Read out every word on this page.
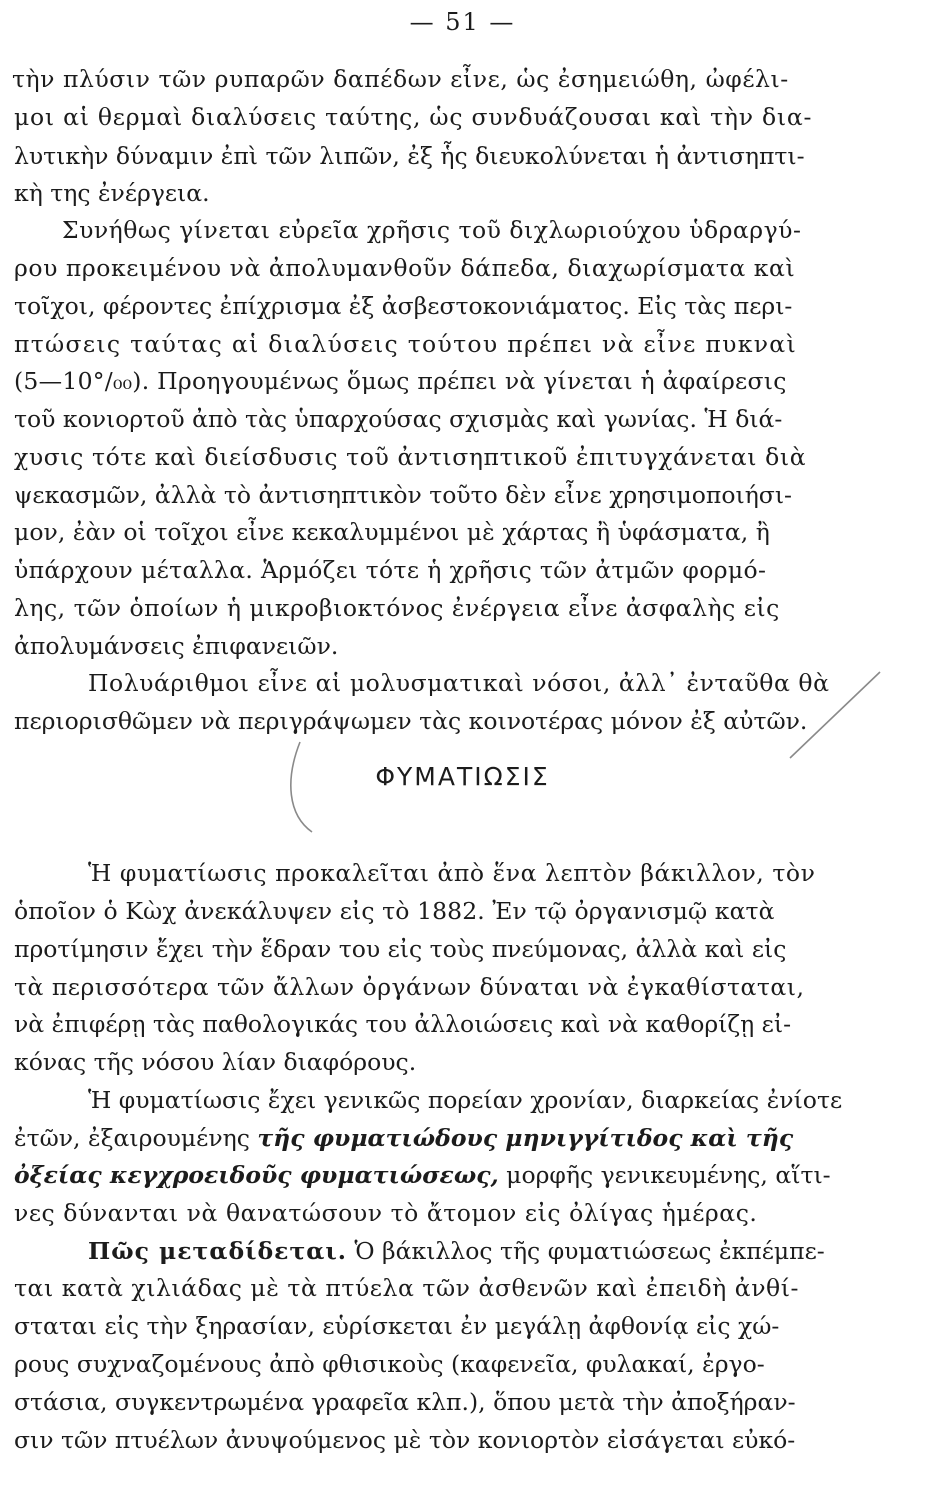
— 51 —
τὴν πλύσιν τῶν ρυπαρῶν δαπέδων εἶνε, ὡς ἐσημειώθη, ὠφέλι-
μοι αἱ θερμαὶ διαλύσεις ταύτης, ὡς συνδυάζουσαι καὶ τὴν δια-
λυτικὴν δύναμιν ἐπὶ τῶν λιπῶν, ἐξ ἧς διευκολύνεται ἡ ἀντισηπτι-
κὴ της ἐνέργεια.
Συνήθως γίνεται εὐρεῖα χρῆσις τοῦ διχλωριούχου ὑδραργύ-
ρου προκειμένου νὰ ἀπολυμανθοῦν δάπεδα, διαχωρίσματα καὶ
τοῖχοι, φέροντες ἐπίχρισμα ἐξ ἀσβεστοκονιάματος. Εἰς τὰς περι-
πτώσεις ταύτας αἱ διαλύσεις τούτου πρέπει νὰ εἶνε πυκναὶ
(5—10°/₀₀). Προηγουμένως ὅμως πρέπει νὰ γίνεται ἡ ἀφαίρεσις
τοῦ κονιορτοῦ ἀπὸ τὰς ὑπαρχούσας σχισμὰς καὶ γωνίας. Ἡ διά-
χυσις τότε καὶ διείσδυσις τοῦ ἀντισηπτικοῦ ἐπιτυγχάνεται διὰ
ψεκασμῶν, ἀλλὰ τὸ ἀντισηπτικὸν τοῦτο δὲν εἶνε χρησιμοποιήσι-
μον, ἐὰν οἱ τοῖχοι εἶνε κεκαλυμμένοι μὲ χάρτας ἢ ὑφάσματα, ἢ
ὑπάρχουν μέταλλα. Ἁρμόζει τότε ἡ χρῆσις τῶν ἀτμῶν φορμό-
λης, τῶν ὁποίων ἡ μικροβιοκτόνος ἐνέργεια εἶνε ἀσφαλὴς εἰς
ἀπολυμάνσεις ἐπιφανειῶν.
Πολυάριθμοι εἶνε αἱ μολυσματικαὶ νόσοι, ἀλλ᾽ ἐνταῦθα θὰ
περιορισθῶμεν νὰ περιγράψωμεν τὰς κοινοτέρας μόνον ἐξ αὐτῶν.
ΦΥΜΑΤΙΩΣΙΣ
Ἡ φυματίωσις προκαλεῖται ἀπὸ ἕνα λεπτὸν βάκιλλον, τὸν
ὁποῖον ὁ Κὼχ ἀνεκάλυψεν εἰς τὸ 1882. Ἐν τῷ ὀργανισμῷ κατὰ
προτίμησιν ἔχει τὴν ἕδραν του εἰς τοὺς πνεύμονας, ἀλλὰ καὶ εἰς
τὰ περισσότερα τῶν ἄλλων ὀργάνων δύναται νὰ ἐγκαθίσταται,
νὰ ἐπιφέρῃ τὰς παθολογικάς του ἀλλοιώσεις καὶ νὰ καθορίζῃ εἰ-
κόνας τῆς νόσου λίαν διαφόρους.
Ἡ φυματίωσις ἔχει γενικῶς πορείαν χρονίαν, διαρκείας ἐνίοτε
ἐτῶν, ἐξαιρουμένης τῆς φυματιώδους μηνιγγίτιδος καὶ τῆς
ὀξείας κεγχροειδοῦς φυματιώσεως, μορφῆς γενικευμένης, αἵτι-
νες δύνανται νὰ θανατώσουν τὸ ἄτομον εἰς ὀλίγας ἡμέρας.
Πῶς μεταδίδεται. Ὁ βάκιλλος τῆς φυματιώσεως ἐκπέμπε-
ται κατὰ χιλιάδας μὲ τὰ πτύελα τῶν ἀσθενῶν καὶ ἐπειδὴ ἀνθί-
σταται εἰς τὴν ξηρασίαν, εὑρίσκεται ἐν μεγάλῃ ἀφθονίᾳ εἰς χώ-
ρους συχναζομένους ἀπὸ φθισικοὺς (καφενεῖα, φυλακαί, ἐργο-
στάσια, συγκεντρωμένα γραφεῖα κλπ.), ὅπου μετὰ τὴν ἀποξήραν-
σιν τῶν πτυέλων ἀνυψούμενος μὲ τὸν κονιορτὸν εἰσάγεται εὐκό-
